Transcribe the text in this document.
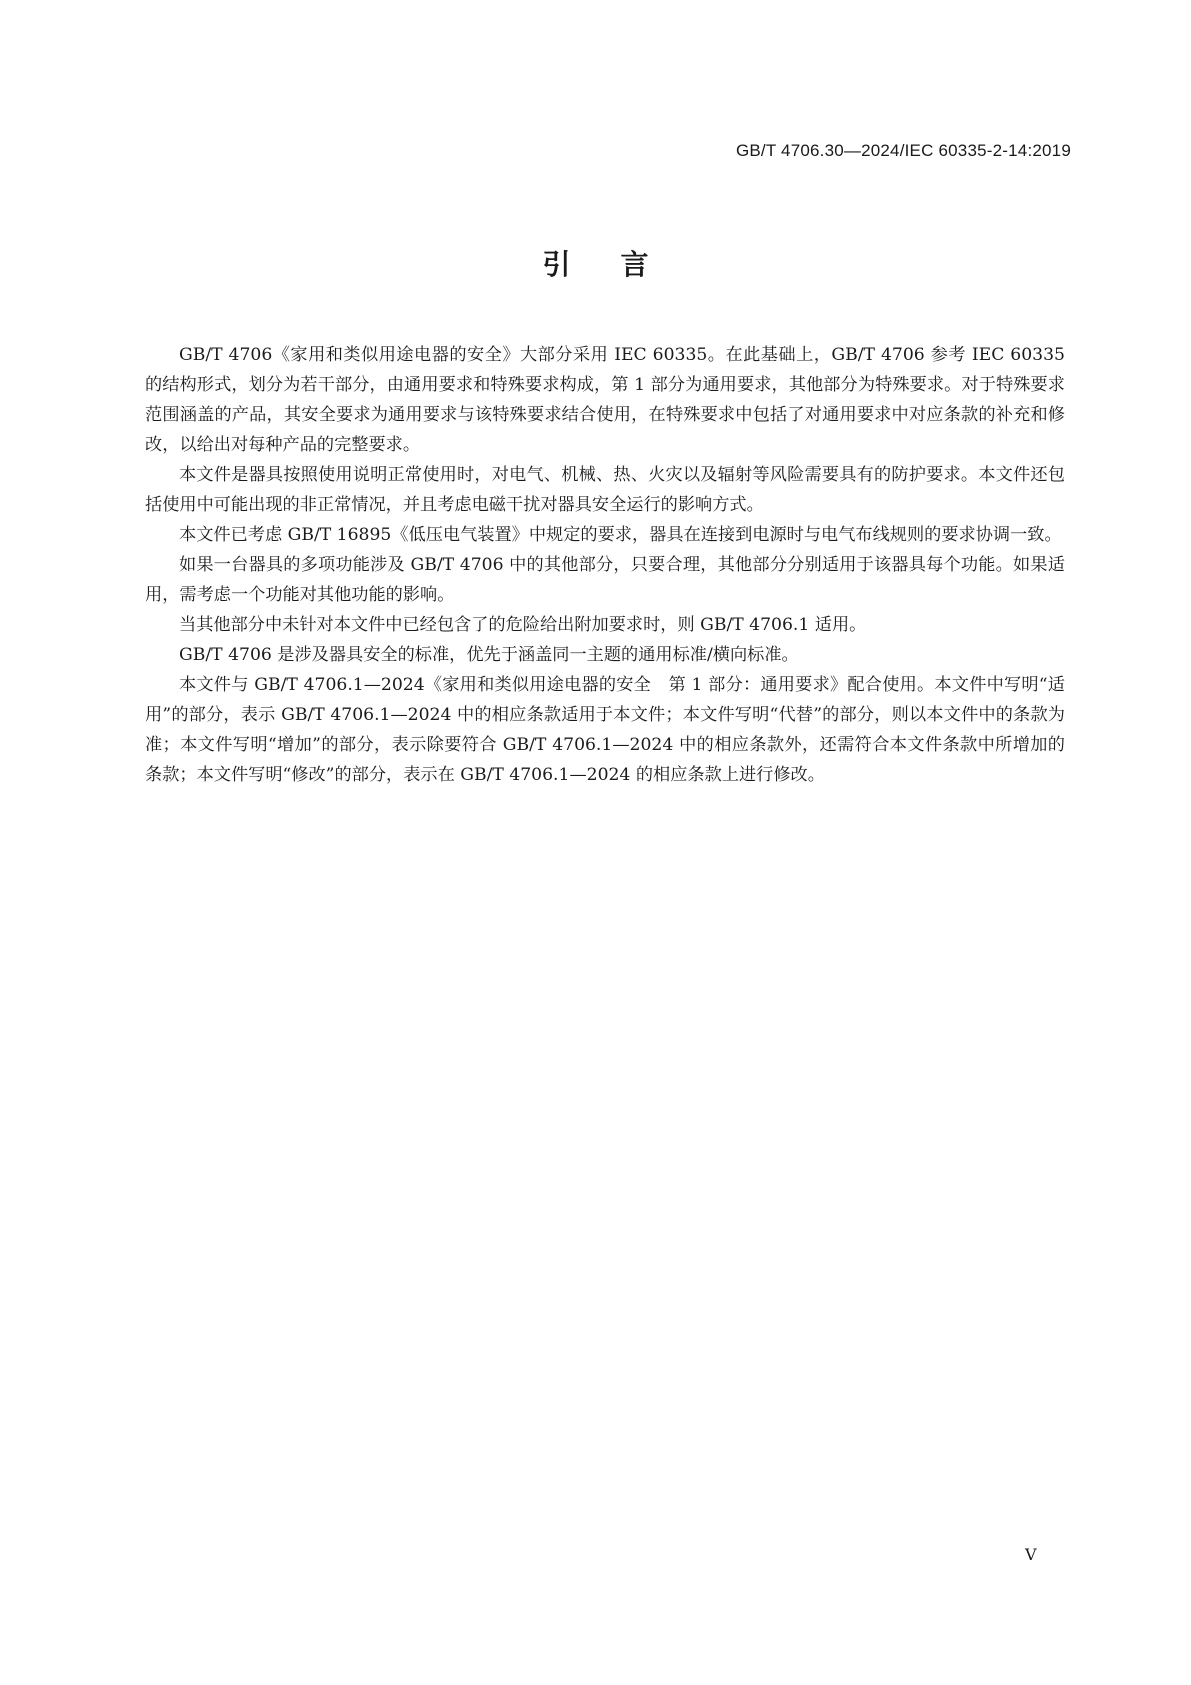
GB/T 4706.30—2024/IEC 60335-2-14:2019
引言

GB/T 4706《家用和类似用途电器的安全》大部分采用 IEC 60335。在此基础上，GB/T 4706 参考 IEC 60335 的结构形式，划分为若干部分，由通用要求和特殊要求构成，第 1 部分为通用要求，其他部分为特殊要求。对于特殊要求范围涵盖的产品，其安全要求为通用要求与该特殊要求结合使用，在特殊要求中包括了对通用要求中对应条款的补充和修改，以给出对每种产品的完整要求。

本文件是器具按照使用说明正常使用时，对电气、机械、热、火灾以及辐射等风险需要具有的防护要求。本文件还包括使用中可能出现的非正常情况，并且考虑电磁干扰对器具安全运行的影响方式。

本文件已考虑 GB/T 16895《低压电气装置》中规定的要求，器具在连接到电源时与电气布线规则的要求协调一致。

如果一台器具的多项功能涉及 GB/T 4706 中的其他部分，只要合理，其他部分分别适用于该器具每个功能。如果适用，需考虑一个功能对其他功能的影响。

当其他部分中未针对本文件中已经包含了的危险给出附加要求时，则 GB/T 4706.1 适用。

GB/T 4706 是涉及器具安全的标准，优先于涵盖同一主题的通用标准/横向标准。

本文件与 GB/T 4706.1—2024《家用和类似用途电器的安全　第 1 部分：通用要求》配合使用。本文件中写明“适用”的部分，表示 GB/T 4706.1—2024 中的相应条款适用于本文件；本文件写明“代替”的部分，则以本文件中的条款为准；本文件写明“增加”的部分，表示除要符合 GB/T 4706.1—2024 中的相应条款外，还需符合本文件条款中所增加的条款；本文件写明“修改”的部分，表示在 GB/T 4706.1—2024 的相应条款上进行修改。

V
